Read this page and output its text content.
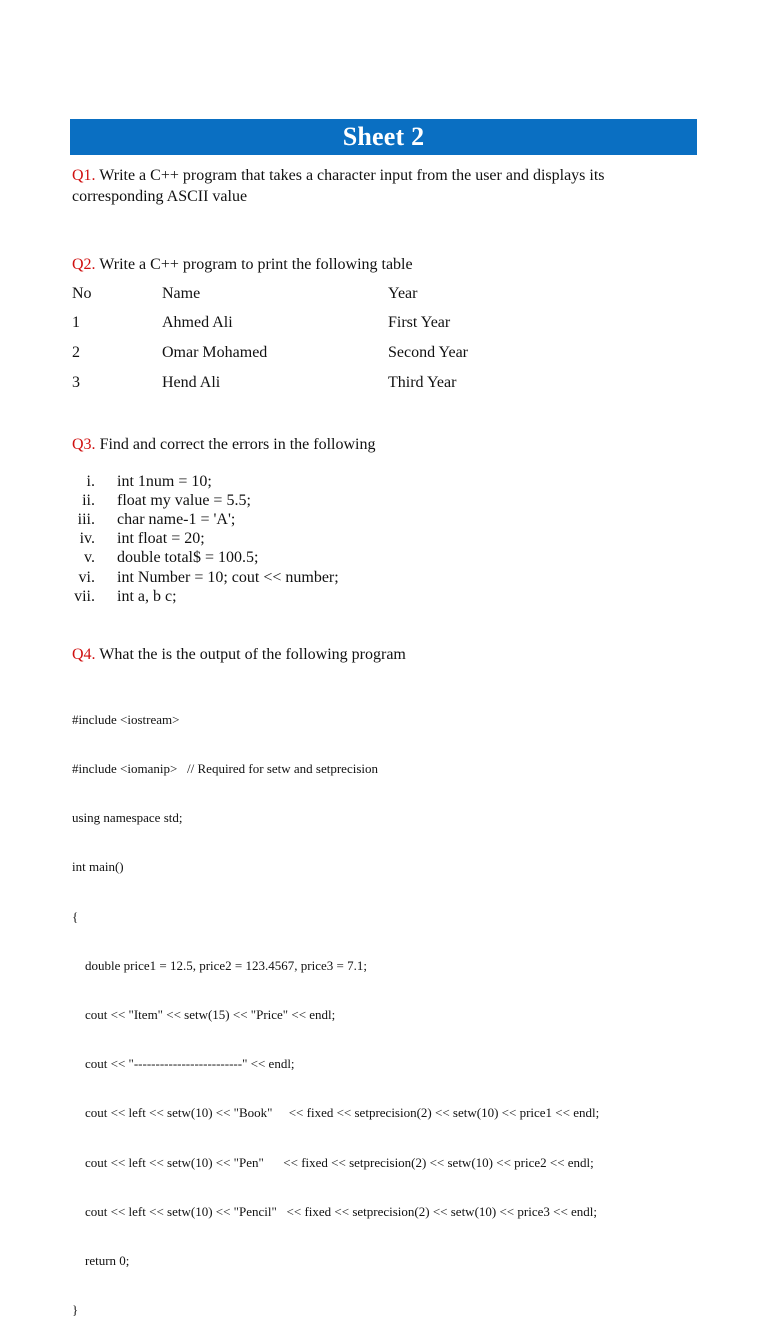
Sheet 2
Q1. Write a C++ program that takes a character input from the user and displays its corresponding ASCII value
Q2. Write a C++ program to print the following table
No	Name	Year
1	Ahmed Ali	First Year
2	Omar Mohamed	Second Year
3	Hend Ali	Third Year
Q3. Find and correct the errors in the following
i. int 1num = 10;
ii. float my value = 5.5;
iii. char name-1 = 'A';
iv. int float = 20;
v. double total$ = 100.5;
vi. int Number = 10; cout << number;
vii. int a, b c;
Q4. What the is the output of the following program

#include <iostream>

#include <iomanip>   // Required for setw and setprecision

using namespace std;

int main()

{

double price1 = 12.5, price2 = 123.4567, price3 = 7.1;

cout << "Item" << setw(15) << "Price" << endl;

cout << "-------------------------" << endl;

cout << left << setw(10) << "Book"     << fixed << setprecision(2) << setw(10) << price1 << endl;

cout << left << setw(10) << "Pen"      << fixed << setprecision(2) << setw(10) << price2 << endl;

cout << left << setw(10) << "Pencil"   << fixed << setprecision(2) << setw(10) << price3 << endl;

return 0;

}
